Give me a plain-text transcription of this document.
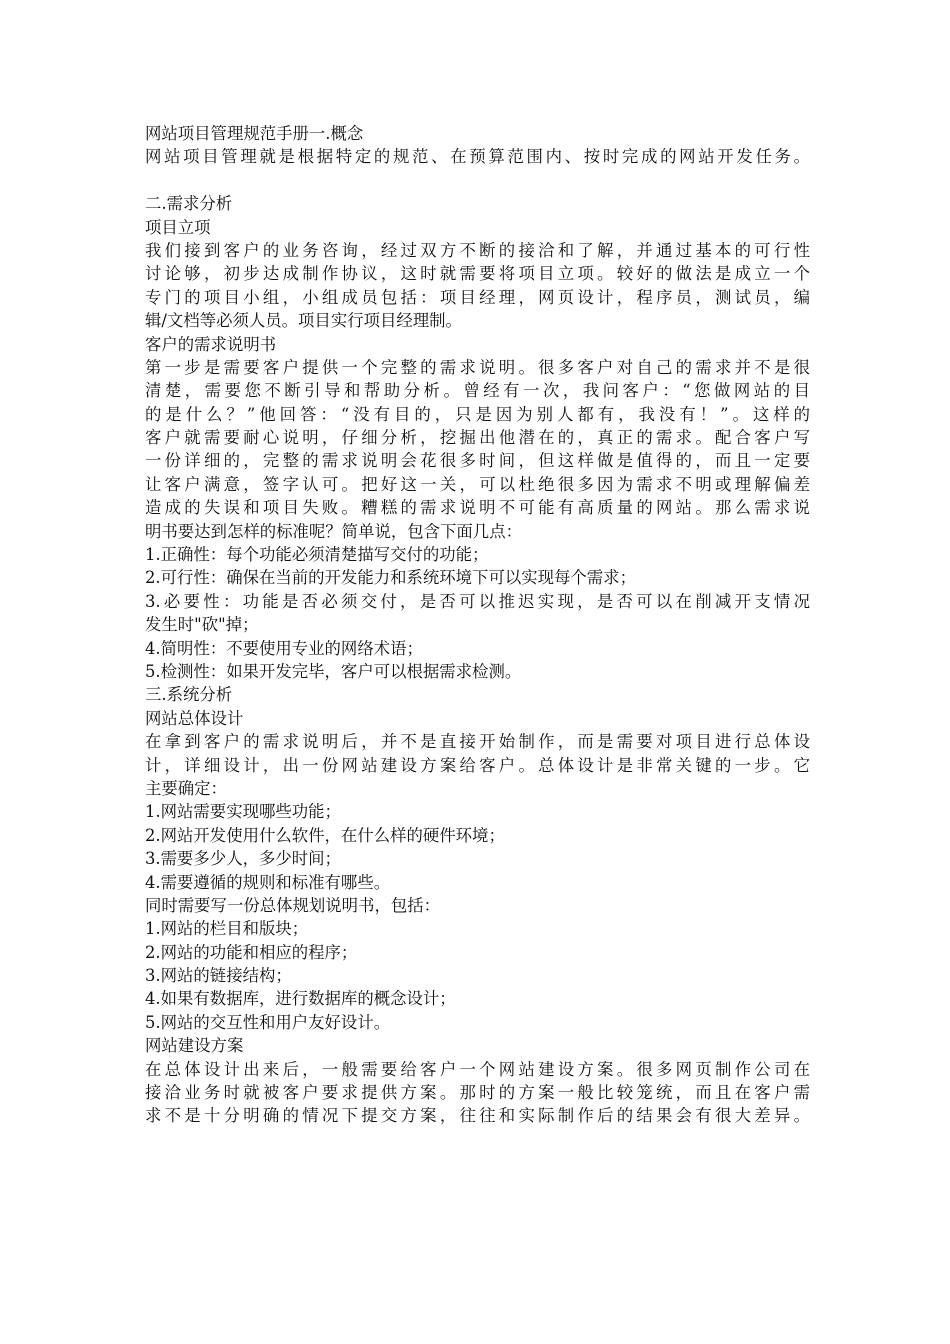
网站项目管理规范手册一.概念
网站项目管理就是根据特定的规范、在预算范围内、按时完成的网站开发任务。
二.需求分析
项目立项
我们接到客户的业务咨询，经过双方不断的接洽和了解，并通过基本的可行性
讨论够，初步达成制作协议，这时就需要将项目立项。较好的做法是成立一个
专门的项目小组，小组成员包括：项目经理，网页设计，程序员，测试员，编
辑/文档等必须人员。项目实行项目经理制。
客户的需求说明书
第一步是需要客户提供一个完整的需求说明。很多客户对自己的需求并不是很
清楚，需要您不断引导和帮助分析。曾经有一次，我问客户：“您做网站的目
的是什么？”他回答：“没有目的，只是因为别人都有，我没有！”。这样的
客户就需要耐心说明，仔细分析，挖掘出他潜在的，真正的需求。配合客户写
一份详细的，完整的需求说明会花很多时间，但这样做是值得的，而且一定要
让客户满意，签字认可。把好这一关，可以杜绝很多因为需求不明或理解偏差
造成的失误和项目失败。糟糕的需求说明不可能有高质量的网站。那么需求说
明书要达到怎样的标准呢？简单说，包含下面几点：
1.正确性：每个功能必须清楚描写交付的功能；
2.可行性：确保在当前的开发能力和系统环境下可以实现每个需求；
3.必要性：功能是否必须交付，是否可以推迟实现，是否可以在削减开支情况
发生时"砍"掉；
4.简明性：不要使用专业的网络术语；
5.检测性：如果开发完毕，客户可以根据需求检测。
三.系统分析
网站总体设计
在拿到客户的需求说明后，并不是直接开始制作，而是需要对项目进行总体设
计，详细设计，出一份网站建设方案给客户。总体设计是非常关键的一步。它
主要确定：
1.网站需要实现哪些功能；
2.网站开发使用什么软件，在什么样的硬件环境；
3.需要多少人，多少时间；
4.需要遵循的规则和标准有哪些。
同时需要写一份总体规划说明书，包括：
1.网站的栏目和版块；
2.网站的功能和相应的程序；
3.网站的链接结构；
4.如果有数据库，进行数据库的概念设计；
5.网站的交互性和用户友好设计。
网站建设方案
在总体设计出来后，一般需要给客户一个网站建设方案。很多网页制作公司在
接洽业务时就被客户要求提供方案。那时的方案一般比较笼统，而且在客户需
求不是十分明确的情况下提交方案，往往和实际制作后的结果会有很大差异。
